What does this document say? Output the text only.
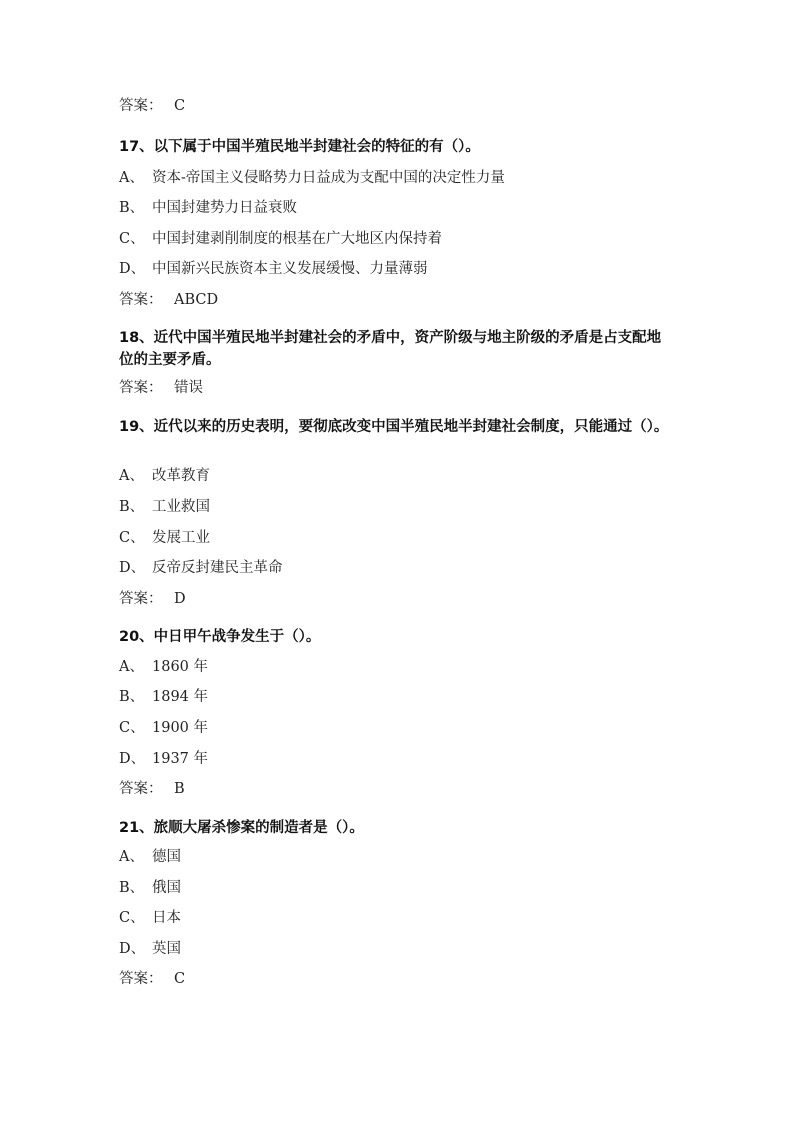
答案： C
17、以下属于中国半殖民地半封建社会的特征的有（）。
A、 资本-帝国主义侵略势力日益成为支配中国的决定性力量
B、 中国封建势力日益衰败
C、 中国封建剥削制度的根基在广大地区内保持着
D、 中国新兴民族资本主义发展缓慢、力量薄弱
答案： ABCD
18、近代中国半殖民地半封建社会的矛盾中，资产阶级与地主阶级的矛盾是占支配地位的主要矛盾。
答案： 错误
19、近代以来的历史表明，要彻底改变中国半殖民地半封建社会制度，只能通过（）。
A、 改革教育
B、 工业救国
C、 发展工业
D、 反帝反封建民主革命
答案： D
20、中日甲午战争发生于（）。
A、 1860 年
B、 1894 年
C、 1900 年
D、 1937 年
答案： B
21、旅顺大屠杀惨案的制造者是（）。
A、 德国
B、 俄国
C、 日本
D、 英国
答案： C
